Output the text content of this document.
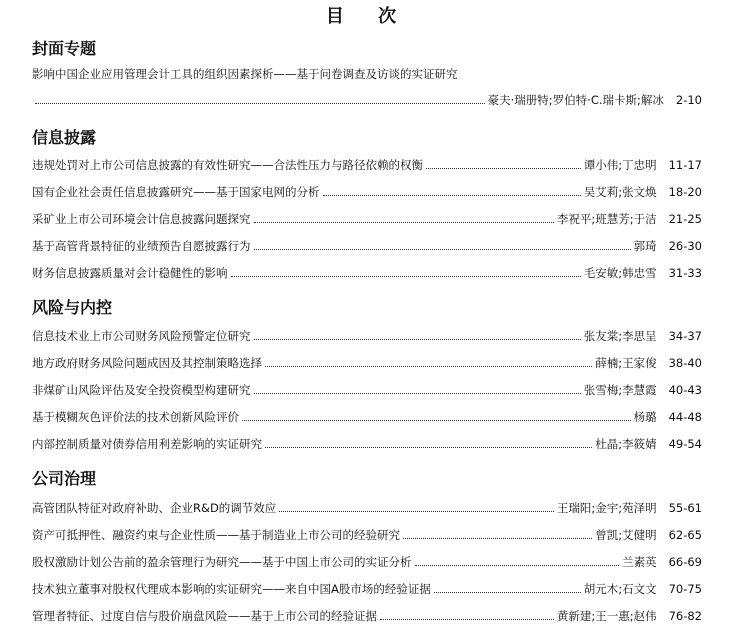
目 次
封面专题
影响中国企业应用管理会计工具的组织因素探析——基于问卷调查及访谈的实证研究
豪夫·瑞册特;罗伯特·C.瑞卡斯;解冰 2-10
信息披露
违规处罚对上市公司信息披露的有效性研究——合法性压力与路径依赖的权衡	谭小伟;丁忠明 11-17
国有企业社会责任信息披露研究——基于国家电网的分析	吴艾莉;张文焕 18-20
采矿业上市公司环境会计信息披露问题探究	李祝平;班慧芳;于洁 21-25
基于高管背景特征的业绩预告自愿披露行为	郭琦 26-30
财务信息披露质量对会计稳健性的影响	毛安敏;韩忠雪 31-33
风险与内控
信息技术业上市公司财务风险预警定位研究	张友棠;李思呈 34-37
地方政府财务风险问题成因及其控制策略选择	薛楠;王家俊 38-40
非煤矿山风险评估及安全投资模型构建研究	张雪梅;李慧霞 40-43
基于模糊灰色评价法的技术创新风险评价	杨璐 44-48
内部控制质量对债券信用利差影响的实证研究	杜晶;李筱婧 49-54
公司治理
高管团队特征对政府补助、企业R&D的调节效应	王瑞阳;金宇;苑泽明 55-61
资产可抵押性、融资约束与企业性质——基于制造业上市公司的经验研究	曾凯;艾健明 62-65
股权激励计划公告前的盈余管理行为研究——基于中国上市公司的实证分析	兰素英 66-69
技术独立董事对股权代理成本影响的实证研究——来自中国A股市场的经验证据	胡元木;石文文 70-75
管理者特征、过度自信与股价崩盘风险——基于上市公司的经验证据	黄新建;王一惠;赵伟 76-82
